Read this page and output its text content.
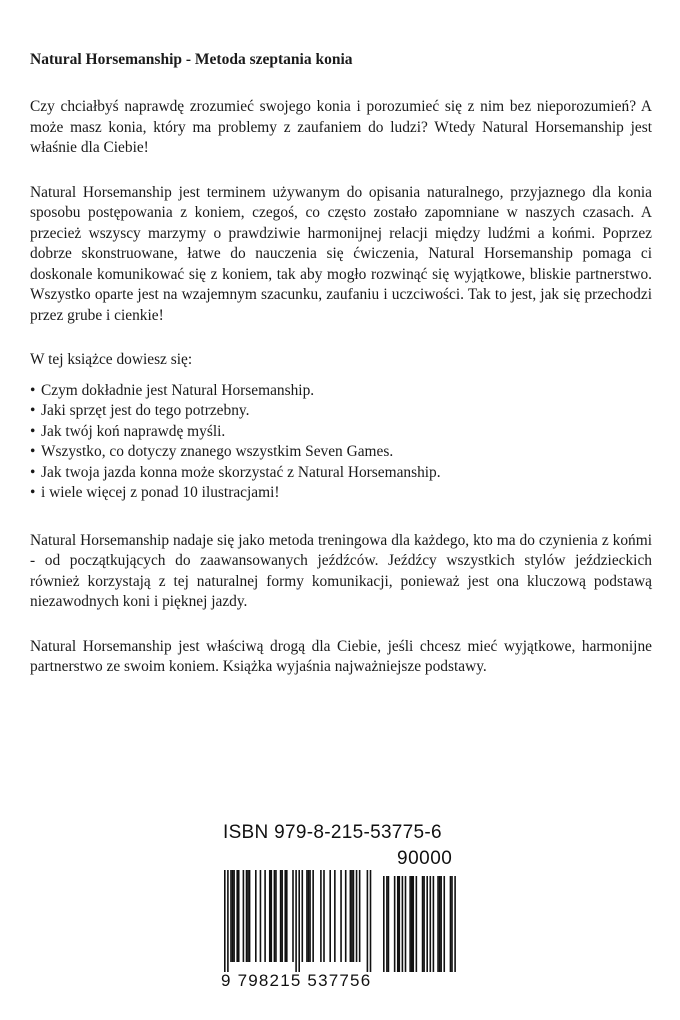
Natural Horsemanship - Metoda szeptania konia

Czy chciałbyś naprawdę zrozumieć swojego konia i porozumieć się z nim bez nieporozumień? A może masz konia, który ma problemy z zaufaniem do ludzi? Wtedy Natural Horsemanship jest właśnie dla Ciebie!

Natural Horsemanship jest terminem używanym do opisania naturalnego, przyjaznego dla konia sposobu postępowania z koniem, czegoś, co często zostało zapomniane w naszych czasach. A przecież wszyscy marzymy o prawdziwie harmonijnej relacji między ludźmi a końmi. Poprzez dobrze skonstruowane, łatwe do nauczenia się ćwiczenia, Natural Horsemanship pomaga ci doskonale komunikować się z koniem, tak aby mogło rozwinąć się wyjątkowe, bliskie partnerstwo. Wszystko oparte jest na wzajemnym szacunku, zaufaniu i uczciwości. Tak to jest, jak się przechodzi przez grube i cienkie!

W tej książce dowiesz się:
• Czym dokładnie jest Natural Horsemanship.
• Jaki sprzęt jest do tego potrzebny.
• Jak twój koń naprawdę myśli.
• Wszystko, co dotyczy znanego wszystkim Seven Games.
• Jak twoja jazda konna może skorzystać z Natural Horsemanship.
• i wiele więcej z ponad 10 ilustracjami!

Natural Horsemanship nadaje się jako metoda treningowa dla każdego, kto ma do czynienia z końmi - od początkujących do zaawansowanych jeźdźców. Jeźdźcy wszystkich stylów jeździeckich również korzystają z tej naturalnej formy komunikacji, ponieważ jest ona kluczową podstawą niezawodnych koni i pięknej jazdy.

Natural Horsemanship jest właściwą drogą dla Ciebie, jeśli chcesz mieć wyjątkowe, harmonijne partnerstwo ze swoim koniem. Książka wyjaśnia najważniejsze podstawy.

ISBN 979-8-215-53775-6
90000
9 798215 537756
